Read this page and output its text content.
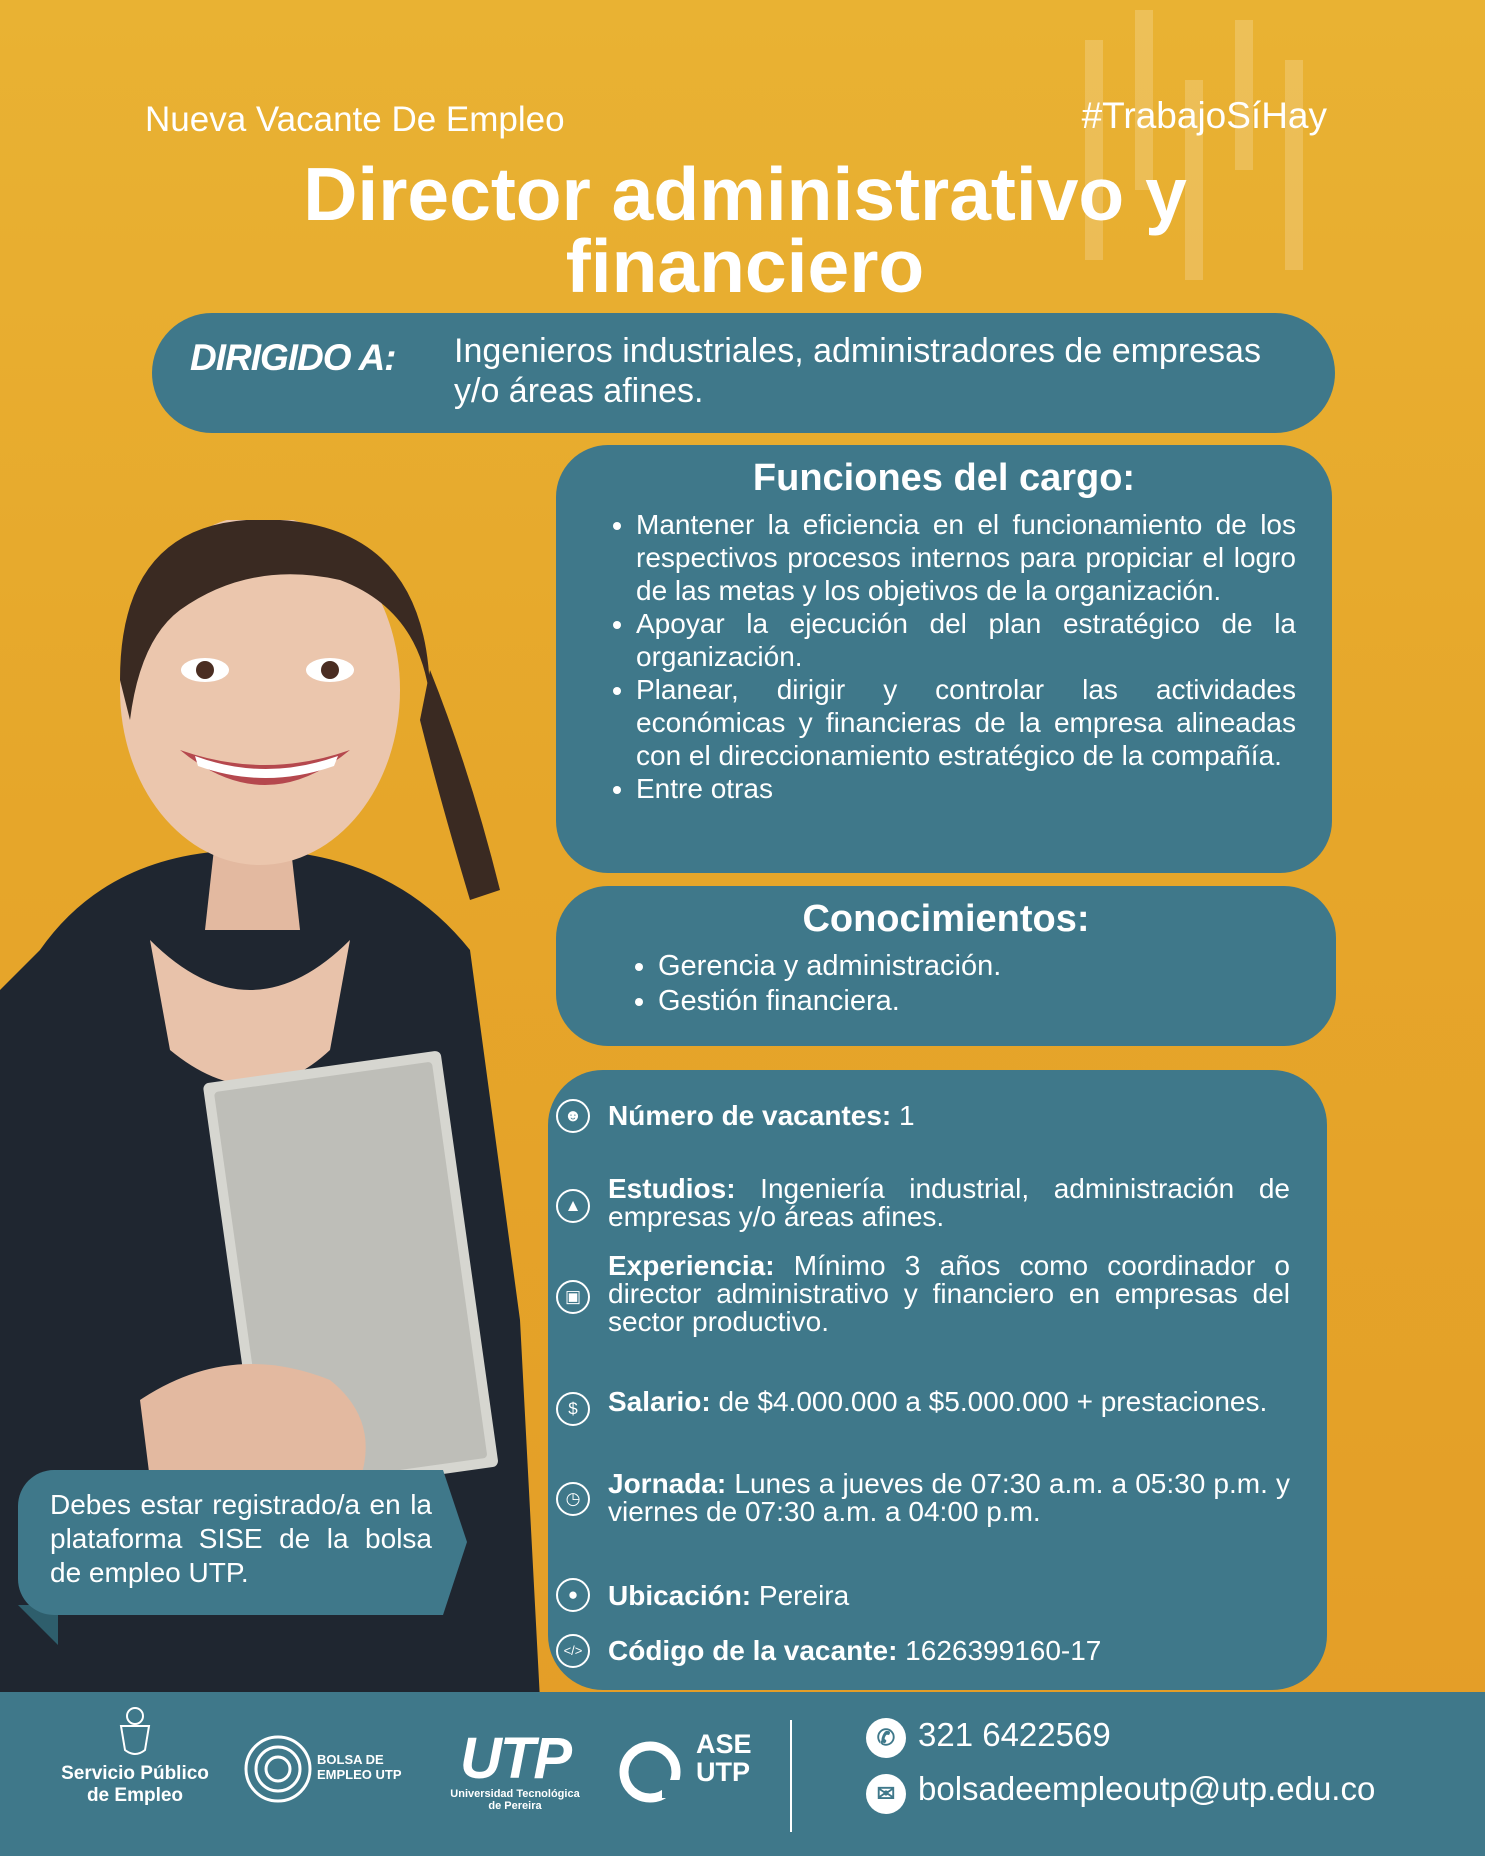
Nueva Vacante De Empleo	#TrabajoSíHay
Director administrativo y financiero
DIRIGIDO A: Ingenieros industriales, administradores de empresas y/o áreas afines.
Funciones del cargo:
• Mantener la eficiencia en el funcionamiento de los respectivos procesos internos para propiciar el logro de las metas y los objetivos de la organización.
• Apoyar la ejecución del plan estratégico de la organización.
• Planear, dirigir y controlar las actividades económicas y financieras de la empresa alineadas con el direccionamiento estratégico de la compañía.
• Entre otras
Conocimientos:
• Gerencia y administración.
• Gestión financiera.
☻ Número de vacantes: 1
▲
Estudios: Ingeniería industrial, administración de empresas y/o áreas afines.
▣
Experiencia: Mínimo 3 años como coordinador o director administrativo y financiero en empresas del sector productivo.
$	Salario: de $4.000.000 a $5.000.000 + prestaciones.
◷ Jornada: Lunes a jueves de 07:30 a.m. a 05:30 p.m. y viernes de 07:30 a.m. a 04:00 p.m.
●	Ubicación: Pereira
</> Código de la vacante: 1626399160-17
Debes estar registrado/a en la plataforma SISE de la bolsa de empleo UTP.
Servicio Público
de Empleo
BOLSA DE
EMPLEO UTP	UTP
Universidad Tecnológica
de Pereira
ASE
UTP
✆ 321 6422569
✉ bolsadeempleoutp@utp.edu.co
